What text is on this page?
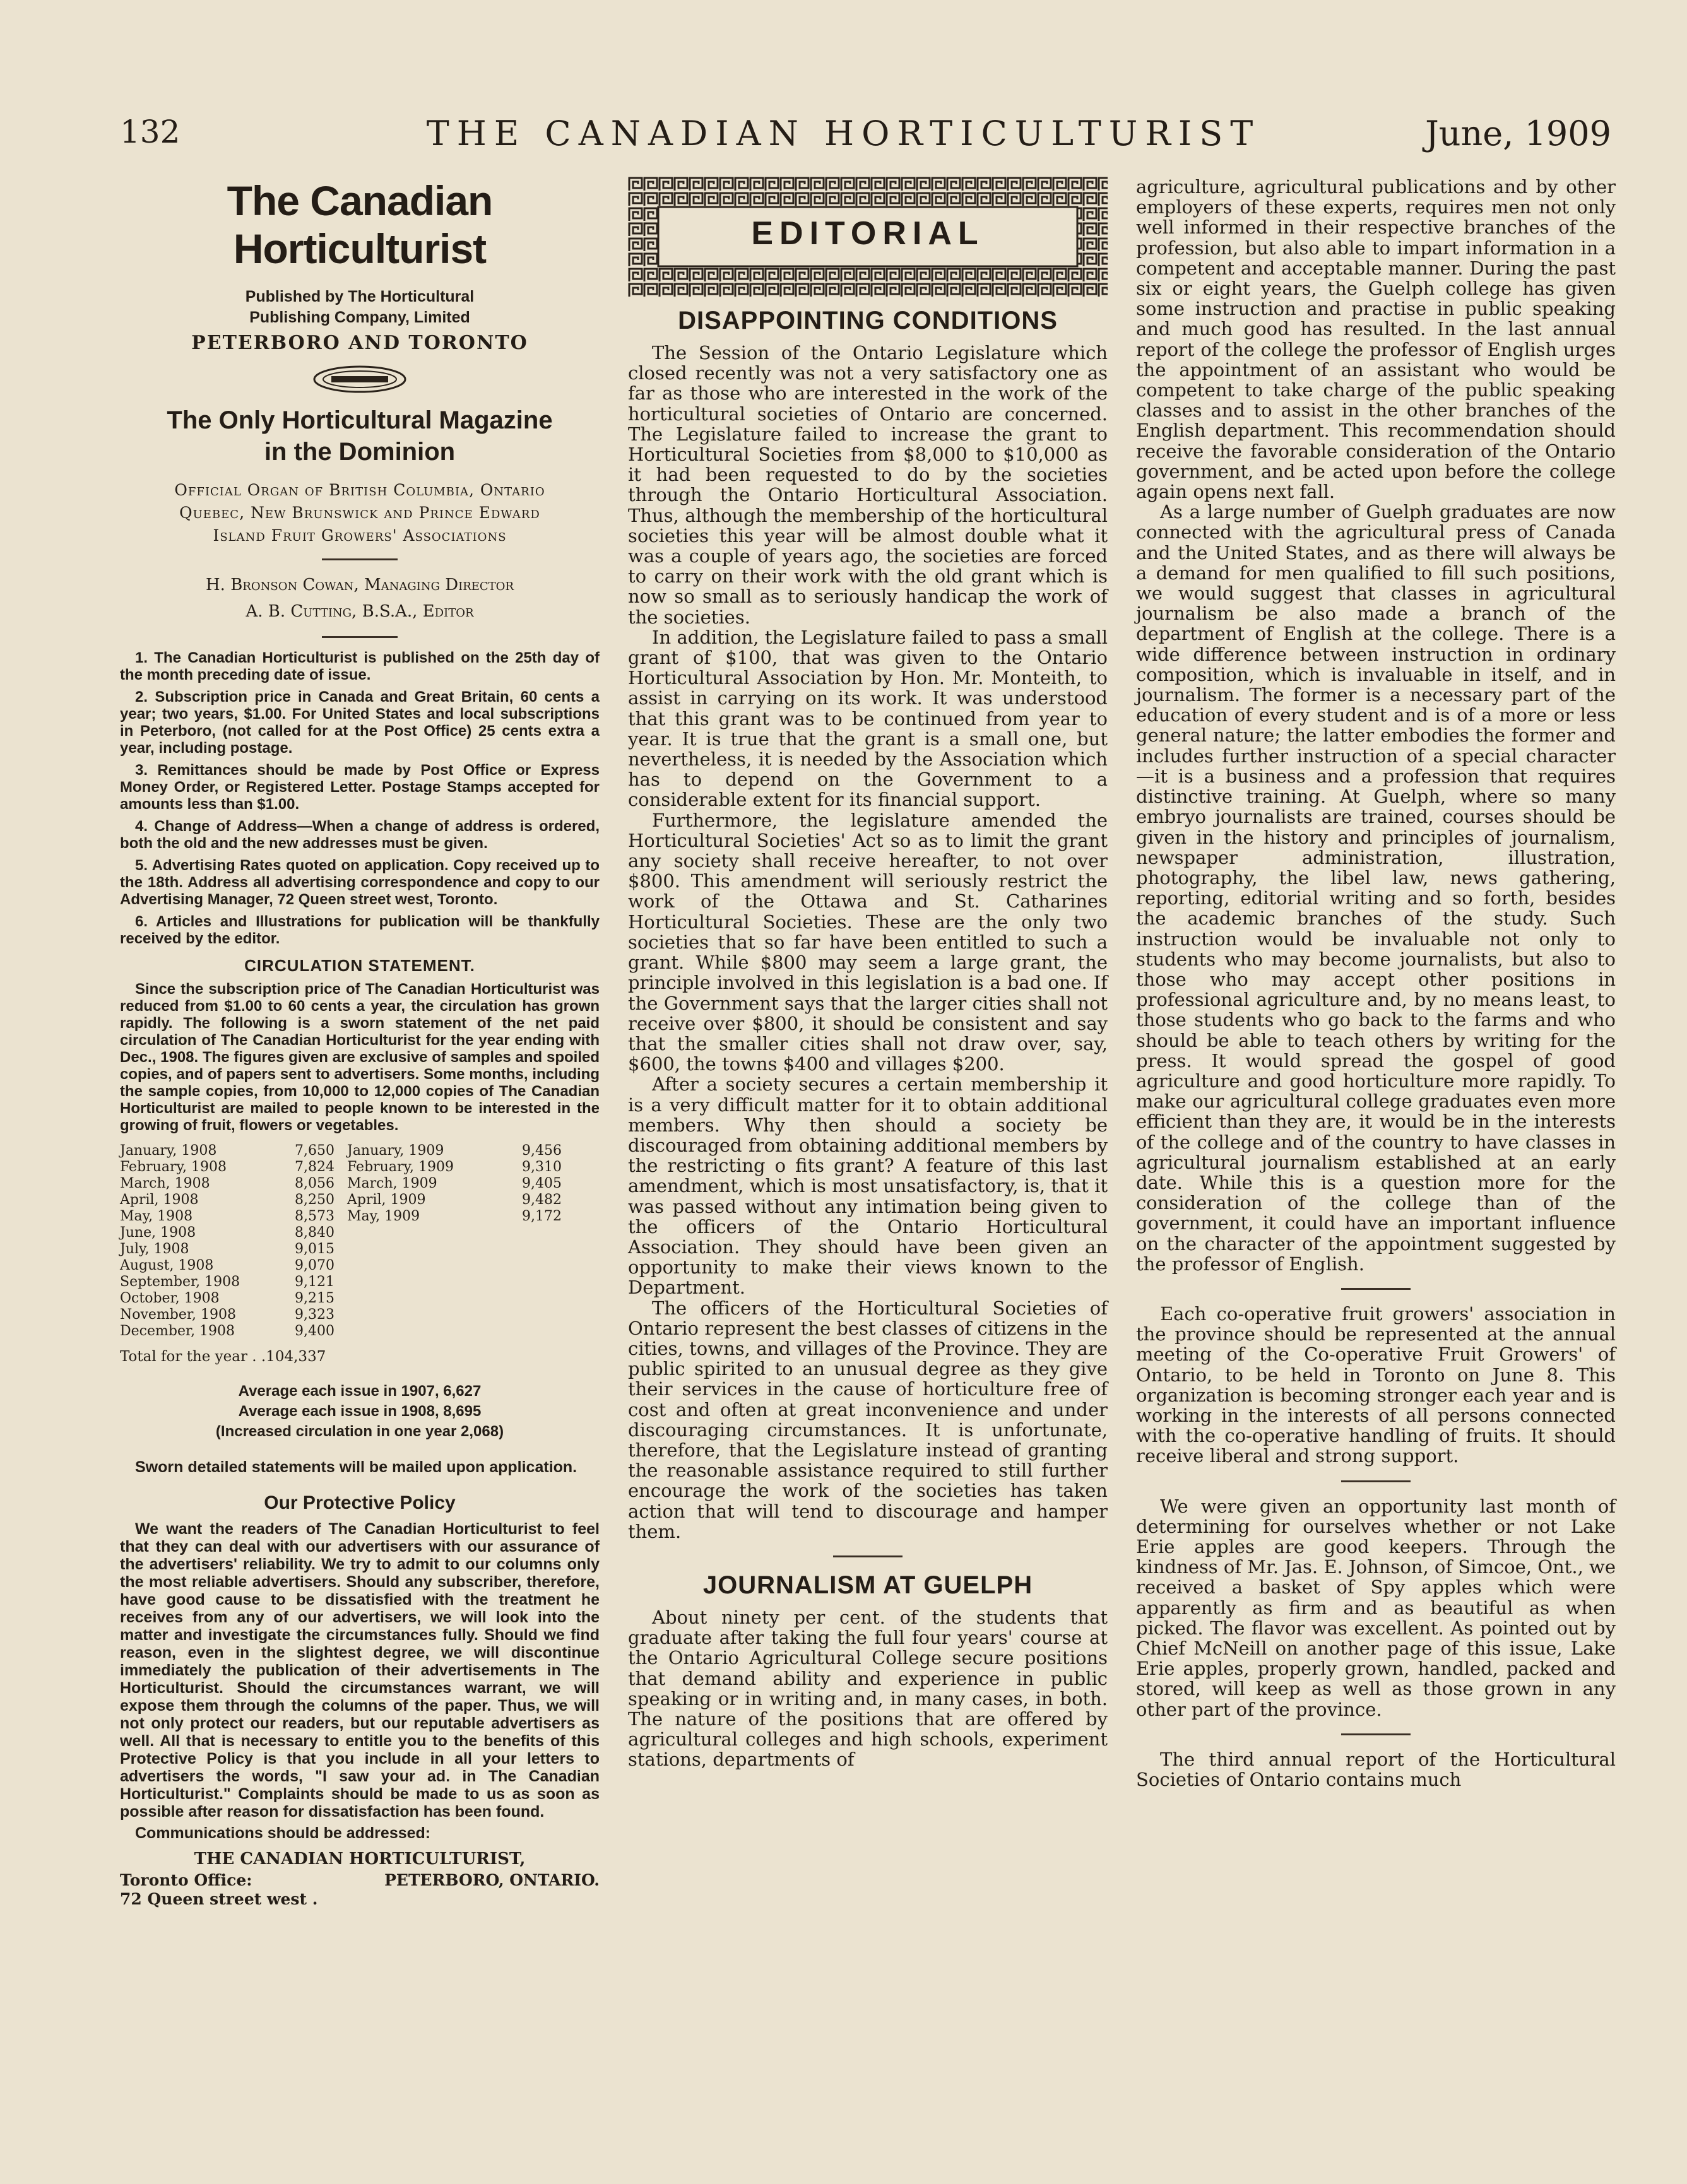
132	THE CANADIAN HORTICULTURIST	June, 1909
The Canadian Horticulturist
Published by The Horticultural
Publishing Company, Limited
PETERBORO AND TORONTO
The Only Horticultural Magazine
in the Dominion
Official Organ of British Columbia, Ontario
Quebec, New Brunswick and Prince Edward
Island Fruit Growers' Associations
H. Bronson Cowan, Managing Director
A. B. Cutting, B.S.A., Editor

1. The Canadian Horticulturist is published on the 25th day of the month preceding date of issue.

2. Subscription price in Canada and Great Britain, 60 cents a year; two years, $1.00. For United States and local subscriptions in Peterboro, (not called for at the Post Office) 25 cents extra a year, including postage.

3. Remittances should be made by Post Office or Express Money Order, or Registered Letter. Postage Stamps accepted for amounts less than $1.00.

4. Change of Address—When a change of address is ordered, both the old and the new addresses must be given.

5. Advertising Rates quoted on application. Copy received up to the 18th. Address all advertising correspondence and copy to our Advertising Manager, 72 Queen street west, Toronto.

6. Articles and Illustrations for publication will be thankfully received by the editor.

CIRCULATION STATEMENT.

Since the subscription price of The Canadian Horticulturist was reduced from $1.00 to 60 cents a year, the circulation has grown rapidly. The following is a sworn statement of the net paid circulation of The Canadian Horticulturist for the year ending with Dec., 1908. The figures given are exclusive of samples and spoiled copies, and of papers sent to advertisers. Some months, including the sample copies, from 10,000 to 12,000 copies of The Canadian Horticulturist are mailed to people known to be interested in the growing of fruit, flowers or vegetables.

January, 1908	7,650
February, 1908	7,824
March, 1908	8,056
April, 1908	8,250
May, 1908	8,573
June, 1908	8,840
July, 1908	9,015
August, 1908	9,070
September, 1908	9,121
October, 1908	9,215
November, 1908	9,323
December, 1908	9,400
Total for the year . .104,337
January, 1909	9,456
February, 1909	9,310
March, 1909	9,405
April, 1909	9,482
May, 1909	9,172
Average each issue in 1907, 6,627
Average each issue in 1908, 8,695
(Increased circulation in one year 2,068)

Sworn detailed statements will be mailed upon application.

Our Protective Policy

We want the readers of The Canadian Horticulturist to feel that they can deal with our advertisers with our assurance of the advertisers' reliability. We try to admit to our columns only the most reliable advertisers. Should any subscriber, therefore, have good cause to be dissatisfied with the treatment he receives from any of our advertisers, we will look into the matter and investigate the circumstances fully. Should we find reason, even in the slightest degree, we will discontinue immediately the publication of their advertisements in The Horticulturist. Should the circumstances warrant, we will expose them through the columns of the paper. Thus, we will not only protect our readers, but our reputable advertisers as well. All that is necessary to entitle you to the benefits of this Protective Policy is that you include in all your letters to advertisers the words, "I saw your ad. in The Canadian Horticulturist." Complaints should be made to us as soon as possible after reason for dissatisfaction has been found.

Communications should be addressed:

THE CANADIAN HORTICULTURIST,
Toronto Office:	PETERBORO, ONTARIO.
72 Queen street west .
EDITORIAL
DISAPPOINTING CONDITIONS

The Session of the Ontario Legislature which closed recently was not a very satisfactory one as far as those who are interested in the work of the horticultural societies of Ontario are concerned. The Legislature failed to increase the grant to Horticultural Societies from $8,000 to $10,000 as it had been requested to do by the societies through the Ontario Horticultural Association. Thus, although the membership of the horticultural societies this year will be almost double what it was a couple of years ago, the societies are forced to carry on their work with the old grant which is now so small as to seriously handicap the work of the societies.

In addition, the Legislature failed to pass a small grant of $100, that was given to the Ontario Horticultural Association by Hon. Mr. Monteith, to assist in carrying on its work. It was understood that this grant was to be continued from year to year. It is true that the grant is a small one, but nevertheless, it is needed by the Association which has to depend on the Government to a considerable extent for its financial support.

Furthermore, the legislature amended the Horticultural Societies' Act so as to limit the grant any society shall receive hereafter, to not over $800. This amendment will seriously restrict the work of the Ottawa and St. Catharines Horticultural Societies. These are the only two societies that so far have been entitled to such a grant. While $800 may seem a large grant, the principle involved in this legislation is a bad one. If the Government says that the larger cities shall not receive over $800, it should be consistent and say that the smaller cities shall not draw over, say, $600, the towns $400 and villages $200.

After a society secures a certain membership it is a very difficult matter for it to obtain additional members. Why then should a society be discouraged from obtaining additional members by the restricting o fits grant? A feature of this last amendment, which is most unsatisfactory, is, that it was passed without any intimation being given to the officers of the Ontario Horticultural Association. They should have been given an opportunity to make their views known to the Department.

The officers of the Horticultural Societies of Ontario represent the best classes of citizens in the cities, towns, and villages of the Province. They are public spirited to an unusual degree as they give their services in the cause of horticulture free of cost and often at great inconvenience and under discouraging circumstances. It is unfortunate, therefore, that the Legislature instead of granting the reasonable assistance required to still further encourage the work of the societies has taken action that will tend to discourage and hamper them.

JOURNALISM AT GUELPH

About ninety per cent. of the students that graduate after taking the full four years' course at the Ontario Agricultural College secure positions that demand ability and experience in public speaking or in writing and, in many cases, in both. The nature of the positions that are offered by agricultural colleges and high schools, experiment stations, departments of

agriculture, agricultural publications and by other employers of these experts, requires men not only well informed in their respective branches of the profession, but also able to impart information in a competent and acceptable manner. During the past six or eight years, the Guelph college has given some instruction and practise in public speaking and much good has resulted. In the last annual report of the college the professor of English urges the appointment of an assistant who would be competent to take charge of the public speaking classes and to assist in the other branches of the English department. This recommendation should receive the favorable consideration of the Ontario government, and be acted upon before the college again opens next fall.

As a large number of Guelph graduates are now connected with the agricultural press of Canada and the United States, and as there will always be a demand for men qualified to fill such positions, we would suggest that classes in agricultural journalism be also made a branch of the department of English at the college. There is a wide difference between instruction in ordinary composition, which is invaluable in itself, and in journalism. The former is a necessary part of the education of every student and is of a more or less general nature; the latter embodies the former and includes further instruction of a special character —it is a business and a profession that requires distinctive training. At Guelph, where so many embryo journalists are trained, courses should be given in the history and principles of journalism, newspaper administration, illustration, photography, the libel law, news gathering, reporting, editorial writing and so forth, besides the academic branches of the study. Such instruction would be invaluable not only to students who may become journalists, but also to those who may accept other positions in professional agriculture and, by no means least, to those students who go back to the farms and who should be able to teach others by writing for the press. It would spread the gospel of good agriculture and good horticulture more rapidly. To make our agricultural college graduates even more efficient than they are, it would be in the interests of the college and of the country to have classes in agricultural journalism established at an early date. While this is a question more for the consideration of the college than of the government, it could have an important influence on the character of the appointment suggested by the professor of English.

Each co-operative fruit growers' association in the province should be represented at the annual meeting of the Co-operative Fruit Growers' of Ontario, to be held in Toronto on June 8. This organization is becoming stronger each year and is working in the interests of all persons connected with the co-operative handling of fruits. It should receive liberal and strong support.

We were given an opportunity last month of determining for ourselves whether or not Lake Erie apples are good keepers. Through the kindness of Mr. Jas. E. Johnson, of Simcoe, Ont., we received a basket of Spy apples which were apparently as firm and as beautiful as when picked. The flavor was excellent. As pointed out by Chief McNeill on another page of this issue, Lake Erie apples, properly grown, handled, packed and stored, will keep as well as those grown in any other part of the province.

The third annual report of the Horticultural Societies of Ontario contains much
